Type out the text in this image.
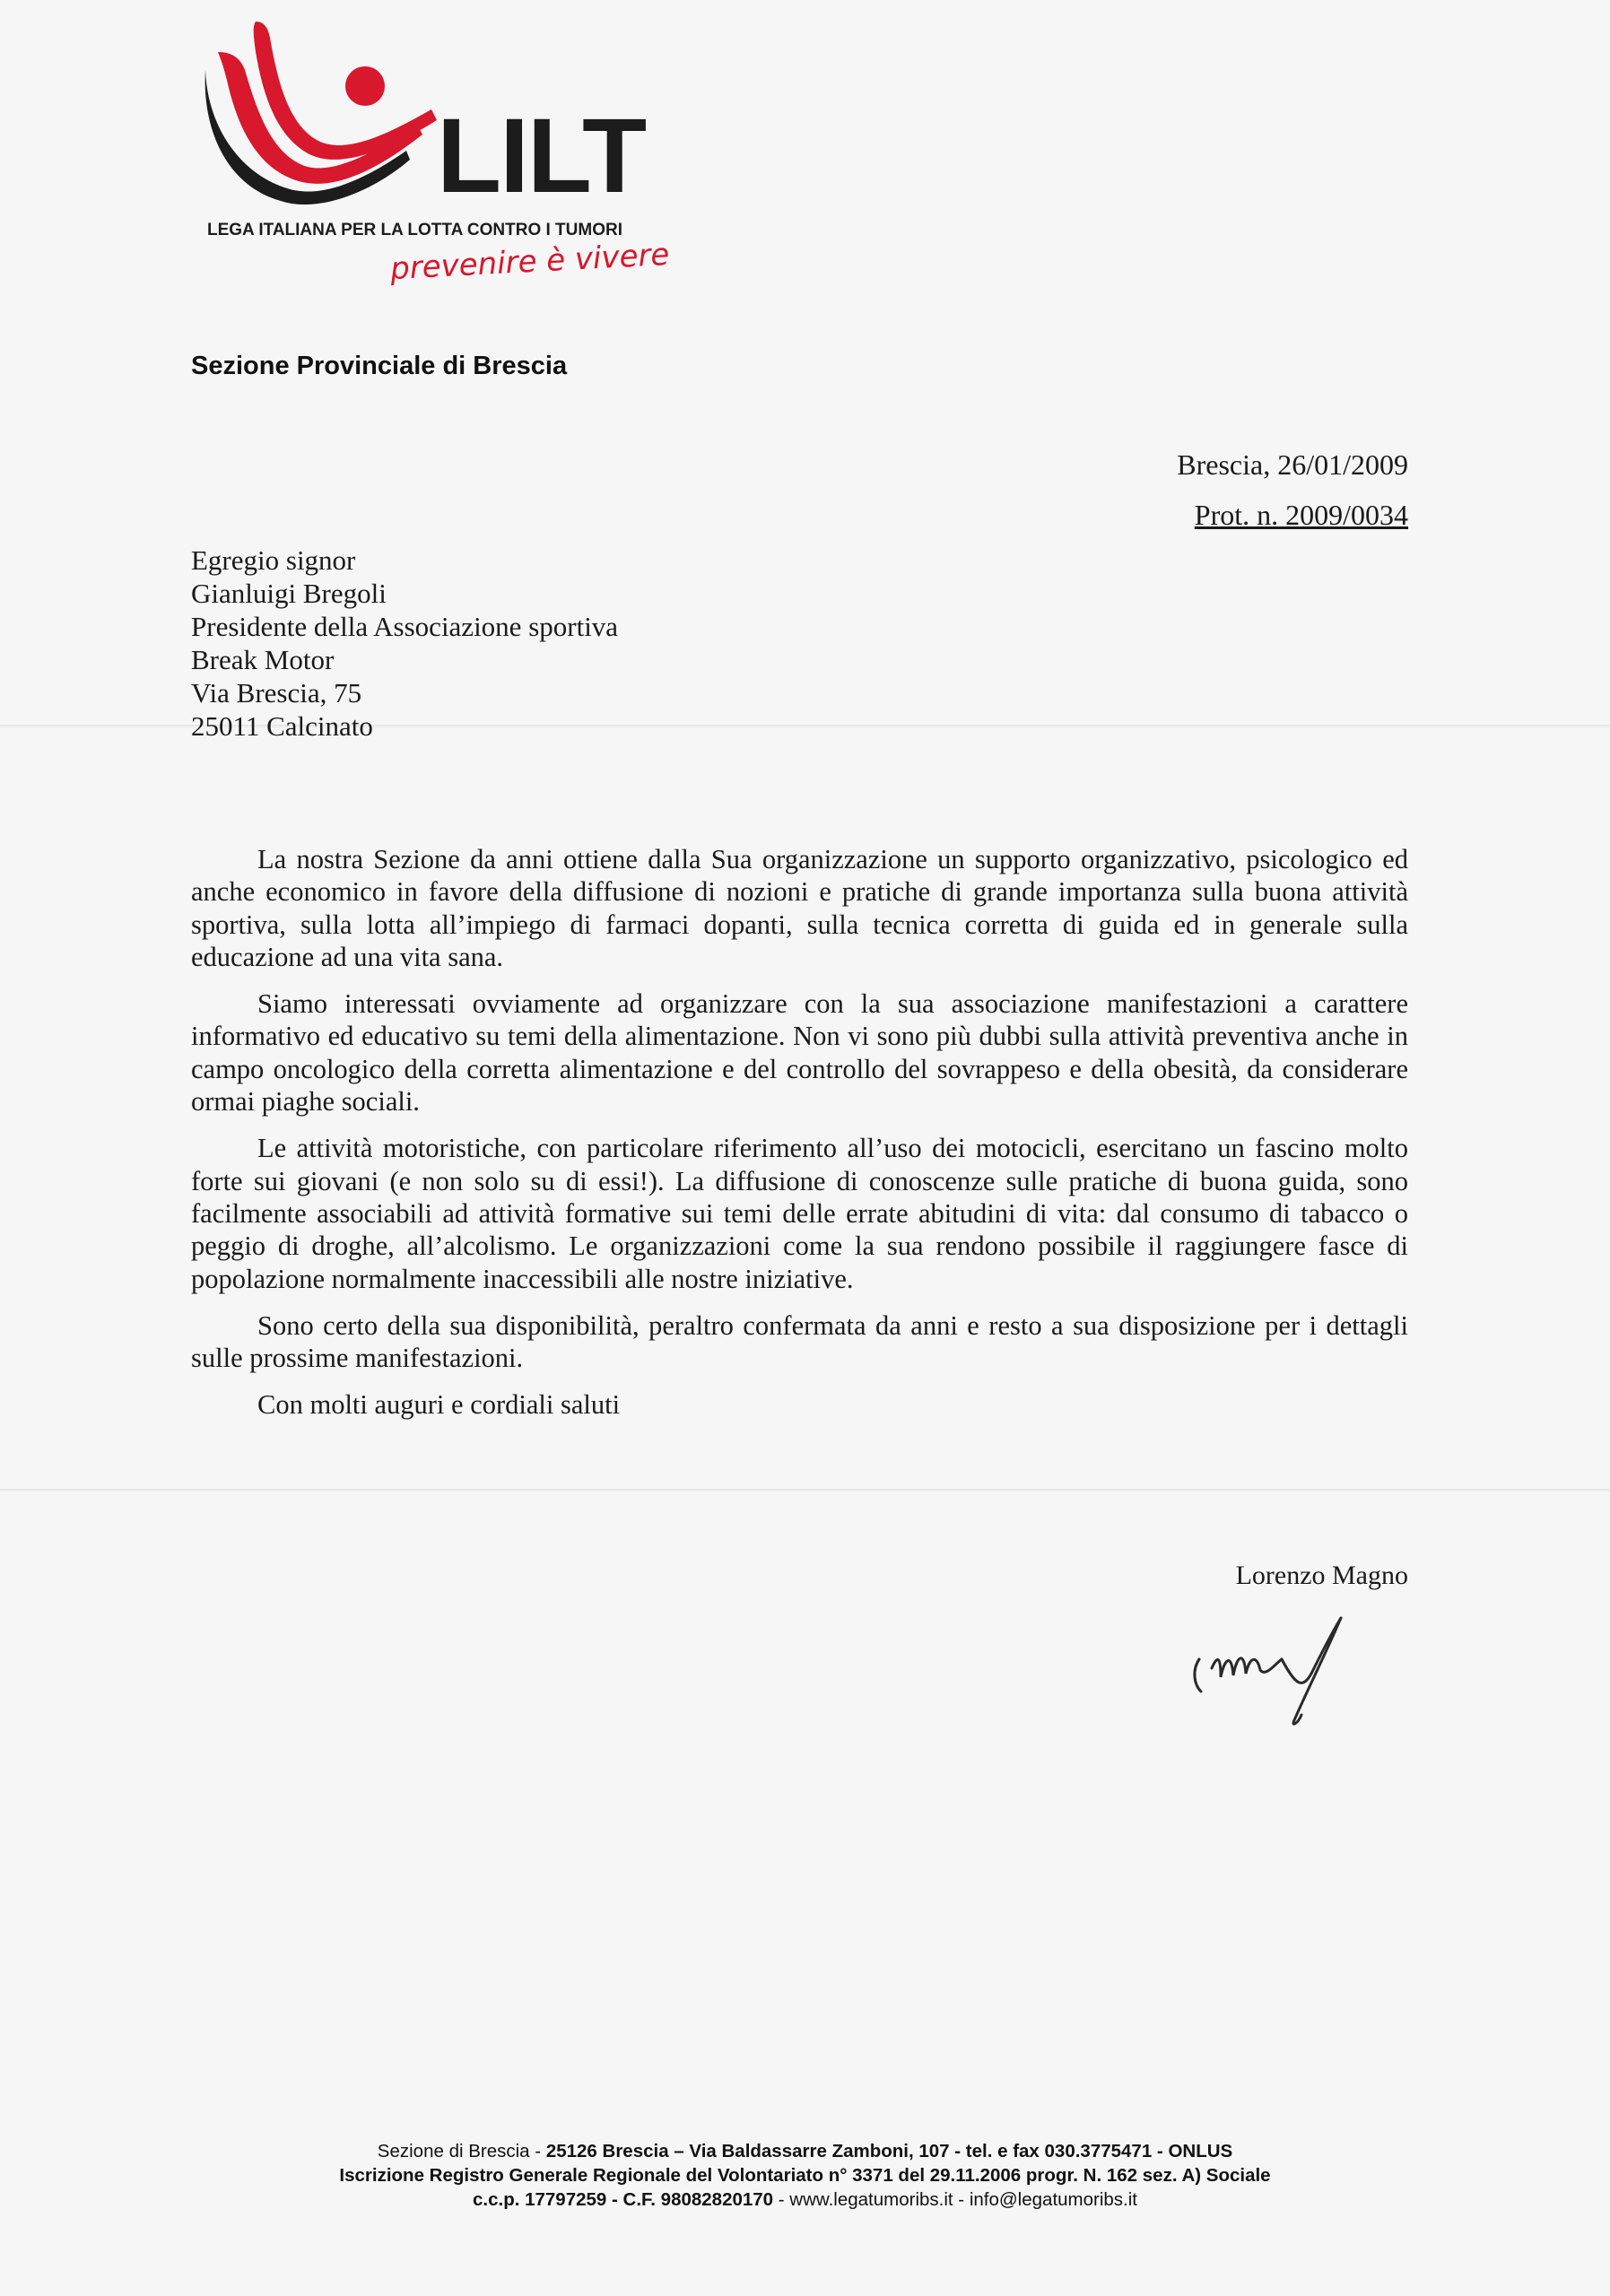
LILT
LEGA ITALIANA PER LA LOTTA CONTRO I TUMORI
prevenire è vivere
Sezione Provinciale di Brescia
Brescia, 26/01/2009
Prot. n. 2009/0034
Egregio signor
Gianluigi Bregoli
Presidente della Associazione sportiva
Break Motor
Via Brescia, 75
25011 Calcinato

La nostra Sezione da anni ottiene dalla Sua organizzazione un supporto organizzativo, psicologico ed anche economico in favore della diffusione di nozioni e pratiche di grande importanza sulla buona attività sportiva, sulla lotta all’impiego di farmaci dopanti, sulla tecnica corretta di guida ed in generale sulla educazione ad una vita sana.

Siamo interessati ovviamente ad organizzare con la sua associazione manifestazioni a carattere informativo ed educativo su temi della alimentazione. Non vi sono più dubbi sulla attività preventiva anche in campo oncologico della corretta alimentazione e del controllo del sovrappeso e della obesità, da considerare ormai piaghe sociali.

Le attività motoristiche, con particolare riferimento all’uso dei motocicli, esercitano un fascino molto forte sui giovani (e non solo su di essi!). La diffusione di conoscenze sulle pratiche di buona guida, sono facilmente associabili ad attività formative sui temi delle errate abitudini di vita: dal consumo di tabacco o peggio di droghe, all’alcolismo. Le organizzazioni come la sua rendono possibile il raggiungere fasce di popolazione normalmente inaccessibili alle nostre iniziative.

Sono certo della sua disponibilità, peraltro confermata da anni e resto a sua disposizione per i dettagli sulle prossime manifestazioni.

Con molti auguri e cordiali saluti

Lorenzo Magno
Sezione di Brescia - 25126 Brescia – Via Baldassarre Zamboni, 107 - tel. e fax 030.3775471 - ONLUS
Iscrizione Registro Generale Regionale del Volontariato n° 3371 del 29.11.2006 progr. N. 162 sez. A) Sociale
c.c.p. 17797259 - C.F. 98082820170 - www.legatumoribs.it - info@legatumoribs.it
